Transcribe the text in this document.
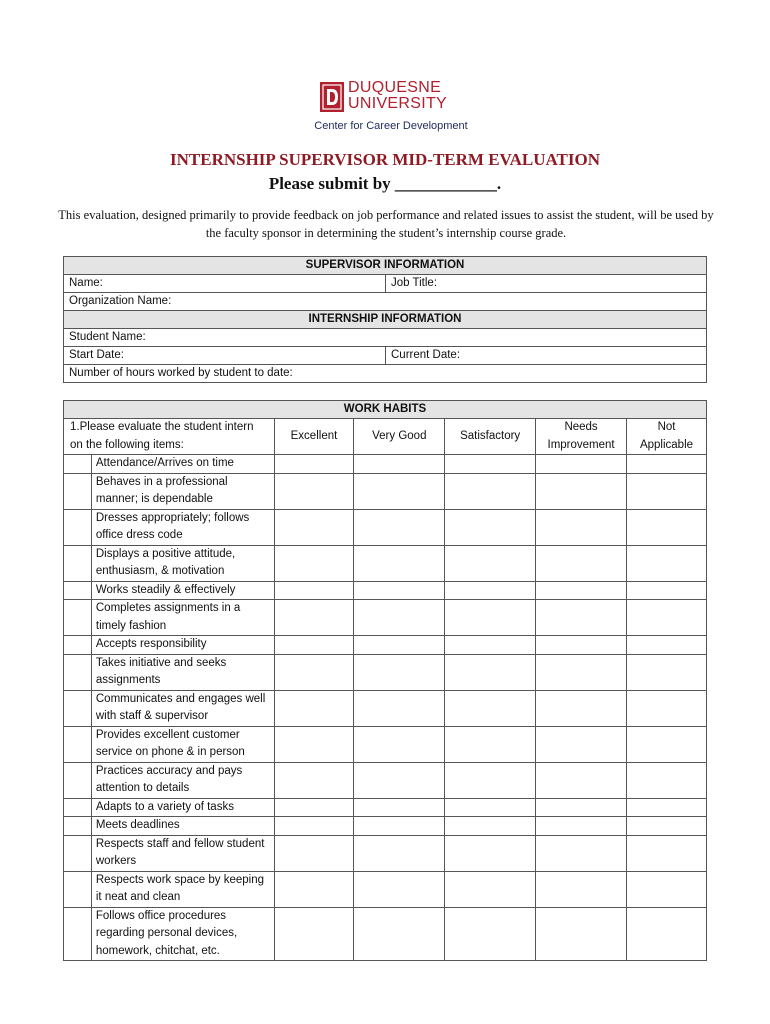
DUQUESNE
UNIVERSITY
Center for Career Development
INTERNSHIP SUPERVISOR MID-TERM EVALUATION
Please submit by ____________.
This evaluation, designed primarily to provide feedback on job performance and related issues to assist the student, will be used by the faculty sponsor in determining the student’s internship course grade.
SUPERVISOR INFORMATION	
Name:	Job Title:
Organization Name:	
INTERNSHIP INFORMATION	
Student Name:	
Start Date:	Current Date:
Number of hours worked by student to date:	
WORK HABITS						
1.Please evaluate the student intern on the following items:		Excellent	Very Good	Satisfactory	Needs Improvement	Not Applicable
	Attendance/Arrives on time					
	Behaves in a professional manner; is dependable					
	Dresses appropriately; follows office dress code					
	Displays a positive attitude, enthusiasm, & motivation					
	Works steadily & effectively					
	Completes assignments in a timely fashion					
	Accepts responsibility					
	Takes initiative and seeks assignments					
	Communicates and engages well with staff & supervisor					
	Provides excellent customer service on phone & in person					
	Practices accuracy and pays attention to details					
	Adapts to a variety of tasks					
	Meets deadlines					
	Respects staff and fellow student workers					
	Respects work space by keeping it neat and clean					
	Follows office procedures regarding personal devices, homework, chitchat, etc.					
